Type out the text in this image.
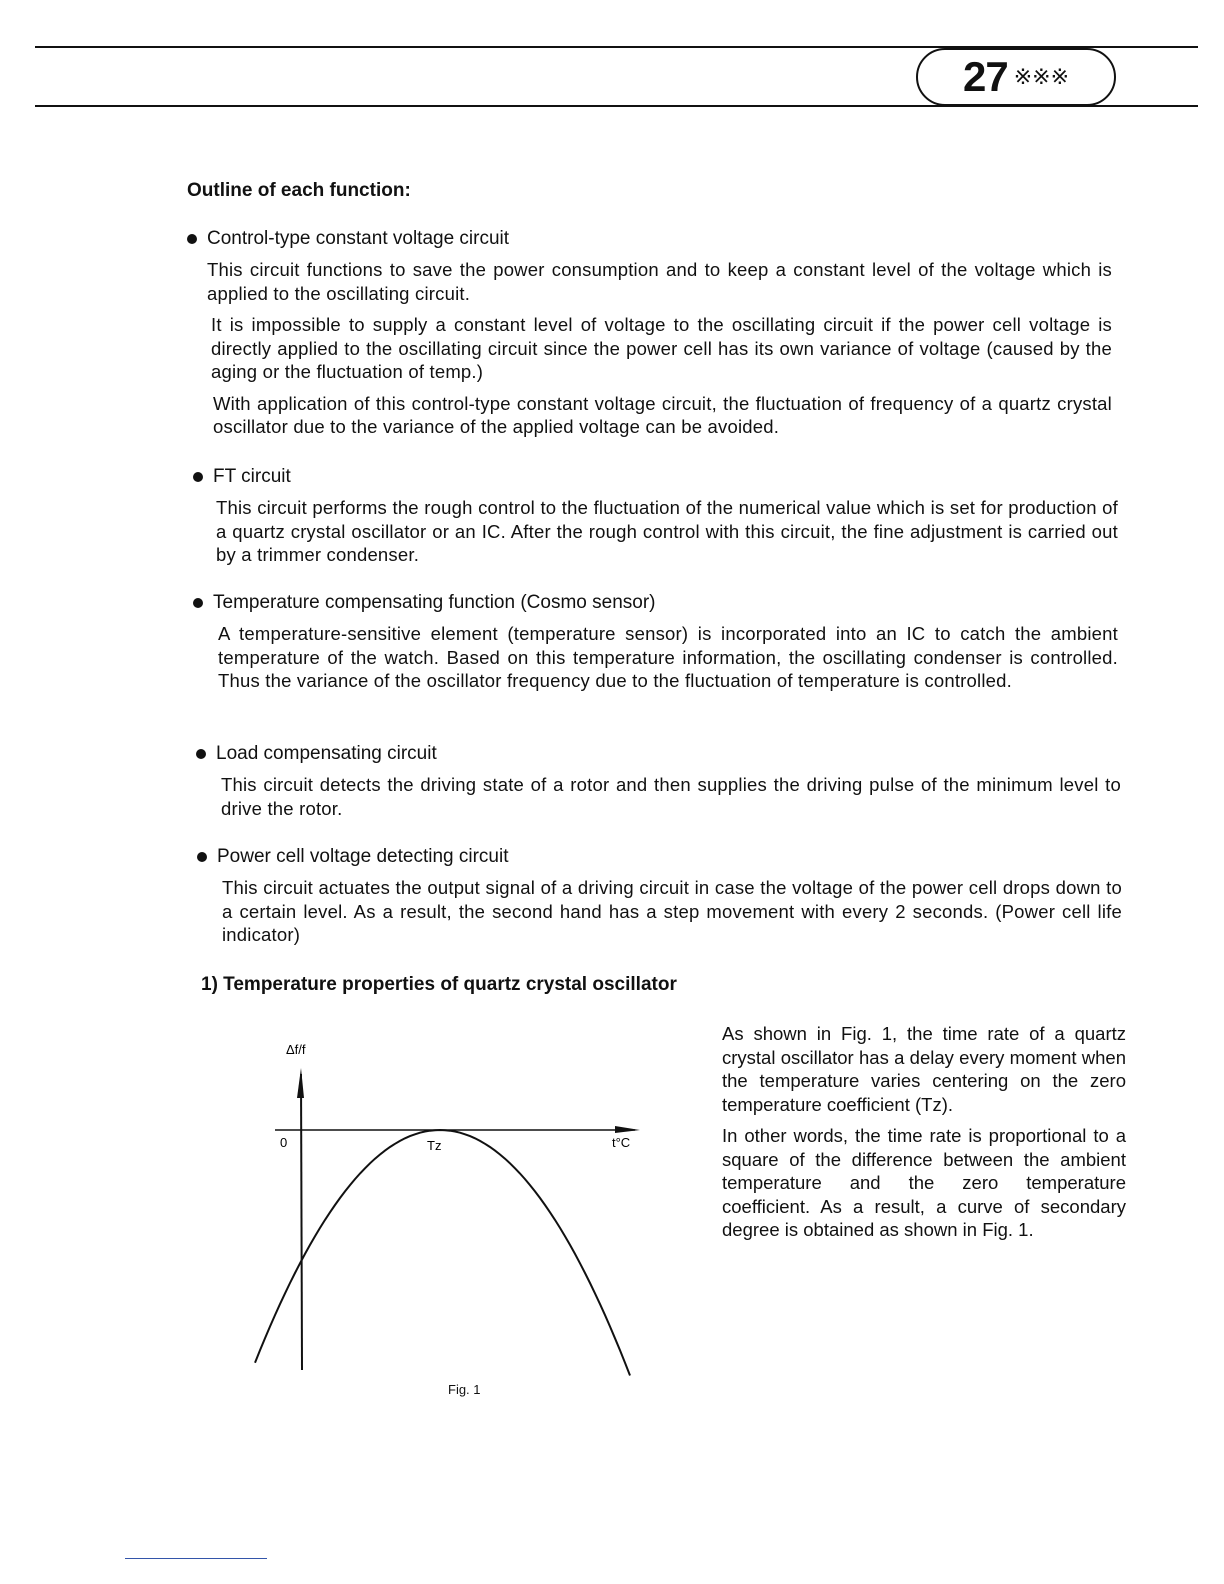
27 ※※※
Outline of each function:
Control-type constant voltage circuit

This circuit functions to save the power consumption and to keep a constant level of the voltage which is applied to the oscillating circuit.

It is impossible to supply a constant level of voltage to the oscillating circuit if the power cell voltage is directly applied to the oscillating circuit since the power cell has its own variance of voltage (caused by the aging or the fluctuation of temp.)

With application of this control-type constant voltage circuit, the fluctuation of frequency of a quartz crystal oscillator due to the variance of the applied voltage can be avoided.

FT circuit

This circuit performs the rough control to the fluctuation of the numerical value which is set for production of a quartz crystal oscillator or an IC. After the rough control with this circuit, the fine adjustment is carried out by a trimmer condenser.

Temperature compensating function (Cosmo sensor)

A temperature-sensitive element (temperature sensor) is incorporated into an IC to catch the ambient temperature of the watch. Based on this temperature information, the oscillating condenser is controlled. Thus the variance of the oscillator frequency due to the fluctuation of temperature is controlled.

Load compensating circuit

This circuit detects the driving state of a rotor and then supplies the driving pulse of the minimum level to drive the rotor.

Power cell voltage detecting circuit

This circuit actuates the output signal of a driving circuit in case the voltage of the power cell drops down to a certain level. As a result, the second hand has a step movement with every 2 seconds. (Power cell life indicator)

1) Temperature properties of quartz crystal oscillator
Δf/f
0	Tz	t°C
Fig. 1

As shown in Fig. 1, the time rate of a quartz crystal oscillator has a delay every moment when the temperature varies centering on the zero temperature coefficient (Tz).

In other words, the time rate is proportional to a square of the difference between the ambient temperature and the zero temperature coefficient. As a result, a curve of secondary degree is obtained as shown in Fig. 1.
